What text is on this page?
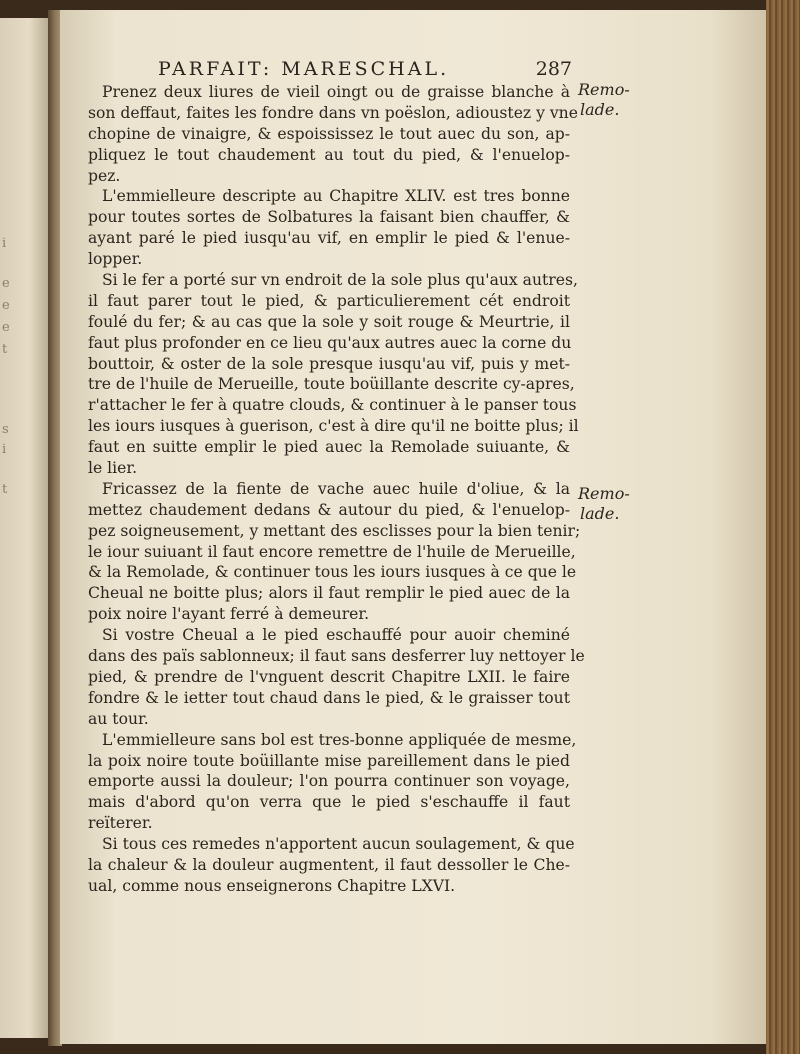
i
e
e
e
t
s
i
t
PARFAIT: MARESCHAL.	287
Remo-
lade.
Remo-
lade.
Prenez deux liures de vieil oingt ou de graisse blanche à
son deffaut, faites les fondre dans vn poëslon, adioustez y vne
chopine de vinaigre, & espoississez le tout auec du son, ap-
pliquez le tout chaudement au tout du pied, & l'enuelop-
pez.
L'emmielleure descripte au Chapitre XLIV. est tres bonne
pour toutes sortes de Solbatures la faisant bien chauffer, &
ayant paré le pied iusqu'au vif, en emplir le pied & l'enue-
lopper.
Si le fer a porté sur vn endroit de la sole plus qu'aux autres,
il faut parer tout le pied, & particulierement cét endroit
foulé du fer; & au cas que la sole y soit rouge & Meurtrie, il
faut plus profonder en ce lieu qu'aux autres auec la corne du
bouttoir, & oster de la sole presque iusqu'au vif, puis y met-
tre de l'huile de Merueille, toute boüillante descrite cy-apres,
r'attacher le fer à quatre clouds, & continuer à le panser tous
les iours iusques à guerison, c'est à dire qu'il ne boitte plus; il
faut en suitte emplir le pied auec la Remolade suiuante, &
le lier.
Fricassez de la fiente de vache auec huile d'oliue, & la
mettez chaudement dedans & autour du pied, & l'enuelop-
pez soigneusement, y mettant des esclisses pour la bien tenir;
le iour suiuant il faut encore remettre de l'huile de Merueille,
& la Remolade, & continuer tous les iours iusques à ce que le
Cheual ne boitte plus; alors il faut remplir le pied auec de la
poix noire l'ayant ferré à demeurer.
Si vostre Cheual a le pied eschauffé pour auoir cheminé
dans des païs sablonneux; il faut sans desferrer luy nettoyer le
pied, & prendre de l'vnguent descrit Chapitre LXII. le faire
fondre & le ietter tout chaud dans le pied, & le graisser tout
au tour.
L'emmielleure sans bol est tres-bonne appliquée de mesme,
la poix noire toute boüillante mise pareillement dans le pied
emporte aussi la douleur; l'on pourra continuer son voyage,
mais d'abord qu'on verra que le pied s'eschauffe il faut
reïterer.
Si tous ces remedes n'apportent aucun soulagement, & que
la chaleur & la douleur augmentent, il faut dessoller le Che-
ual, comme nous enseignerons Chapitre LXVI.
